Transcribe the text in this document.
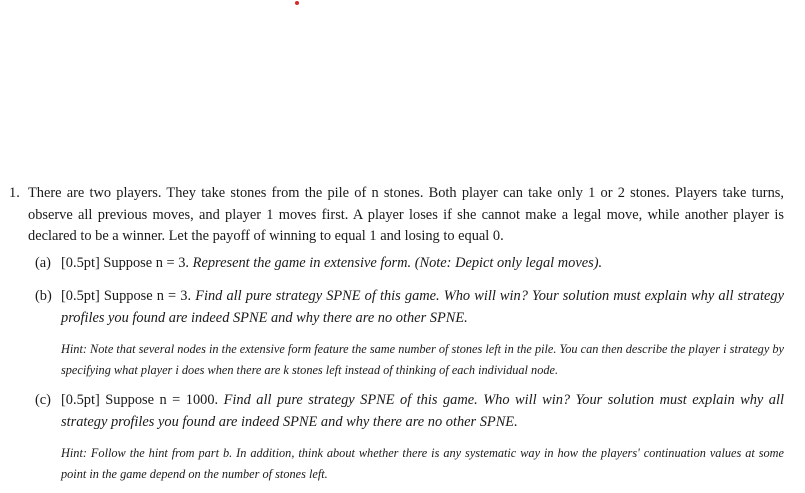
1. There are two players. They take stones from the pile of n stones. Both player can take only 1 or 2 stones. Players take turns, observe all previous moves, and player 1 moves first. A player loses if she cannot make a legal move, while another player is declared to be a winner. Let the payoff of winning to equal 1 and losing to equal 0.
(a) [0.5pt] Suppose n = 3. Represent the game in extensive form. (Note: Depict only legal moves).
(b) [0.5pt] Suppose n = 3. Find all pure strategy SPNE of this game. Who will win? Your solution must explain why all strategy profiles you found are indeed SPNE and why there are no other SPNE.
Hint: Note that several nodes in the extensive form feature the same number of stones left in the pile. You can then describe the player i strategy by specifying what player i does when there are k stones left instead of thinking of each individual node.
(c) [0.5pt] Suppose n = 1000. Find all pure strategy SPNE of this game. Who will win? Your solution must explain why all strategy profiles you found are indeed SPNE and why there are no other SPNE.
Hint: Follow the hint from part b. In addition, think about whether there is any systematic way in how the players' continuation values at some point in the game depend on the number of stones left.
